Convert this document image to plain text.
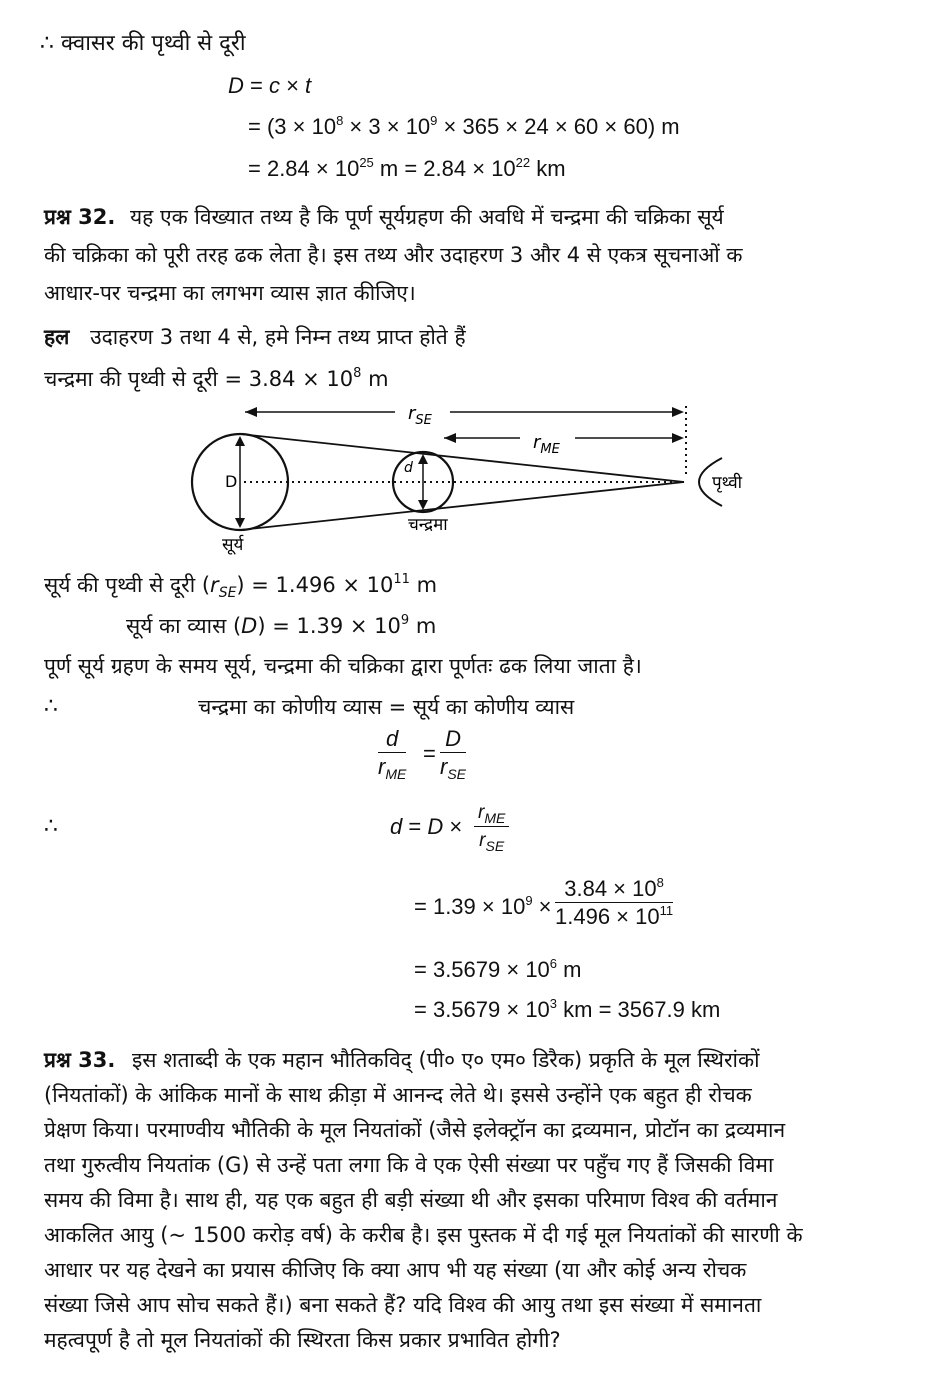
∴ क्वासर की पृथ्वी से दूरी
D = c × t
= $(3 \times 10^8 \times 3 \times 10^9 \times 365 \times 24 \times 60 \times 60)$ m
= $2.84 \times 10^{25}$ $m = 2.84 \times 10^{22}$ km
प्रश्न 32. यह एक विख्यात तथ्य है कि पूर्ण सूर्यग्रहण की अवधि में चन्द्रमा की चक्रिका सूर्य
की चक्रिका को पूरी तरह ढक लेता है। इस तथ्य और उदाहरण 3 और 4 से एकत्र सूचनाओं क
आधार-पर चन्द्रमा का लगभग व्यास ज्ञात कीजिए।
हल उदाहरण 3 तथा 4 से, हमे निम्न तथ्य प्राप्त होते हैं
चन्द्रमा की पृथ्वी से दूरी = $3.84 \times 10^8$ m
$r_{SE}$
$r_{ME}$
D
d
पृथ्वी
चन्द्रमा
सूर्य
सूर्य की पृथ्वी से दूरी $(r_{SE}) = 1.496 \times 10^{11}$ m
सूर्य का व्यास $(D) = 1.39 \times 10^9$ m
पूर्ण सूर्य ग्रहण के समय सूर्य, चन्द्रमा की चक्रिका द्वारा पूर्णतः ढक लिया जाता है।
∴	चन्द्रमा का कोणीय व्यास = सूर्य का कोणीय व्यास
d
$r_{ME}$
=
D
$r_{SE}$
∴	d = D ×
$r_{ME}$
$r_{SE}$
= $1.39 \times 10^9 \times \frac{3.84 \times 10^8}{1.496 \times 10^{11}}$
= $3.5679 \times 10^6$ m
= $3.5679 \times 10^3$ km = 3567.9 km
प्रश्न 33. इस शताब्दी के एक महान भौतिकविद् (पी० ए० एम० डिरैक) प्रकृति के मूल स्थिरांकों
(नियतांकों) के आंकिक मानों के साथ क्रीड़ा में आनन्द लेते थे। इससे उन्होंने एक बहुत ही रोचक
प्रेक्षण किया। परमाण्वीय भौतिकी के मूल नियतांकों (जैसे इलेक्ट्रॉन का द्रव्यमान, प्रोटॉन का द्रव्यमान
तथा गुरुत्वीय नियतांक (G) से उन्हें पता लगा कि वे एक ऐसी संख्या पर पहुँच गए हैं जिसकी विमा
समय की विमा है। साथ ही, यह एक बहुत ही बड़ी संख्या थी और इसका परिमाण विश्व की वर्तमान
आकलित आयु (~ 1500 करोड़ वर्ष) के करीब है। इस पुस्तक में दी गई मूल नियतांकों की सारणी के
आधार पर यह देखने का प्रयास कीजिए कि क्या आप भी यह संख्या (या और कोई अन्य रोचक
संख्या जिसे आप सोच सकते हैं।) बना सकते हैं? यदि विश्व की आयु तथा इस संख्या में समानता
महत्वपूर्ण है तो मूल नियतांकों की स्थिरता किस प्रकार प्रभावित होगी?
